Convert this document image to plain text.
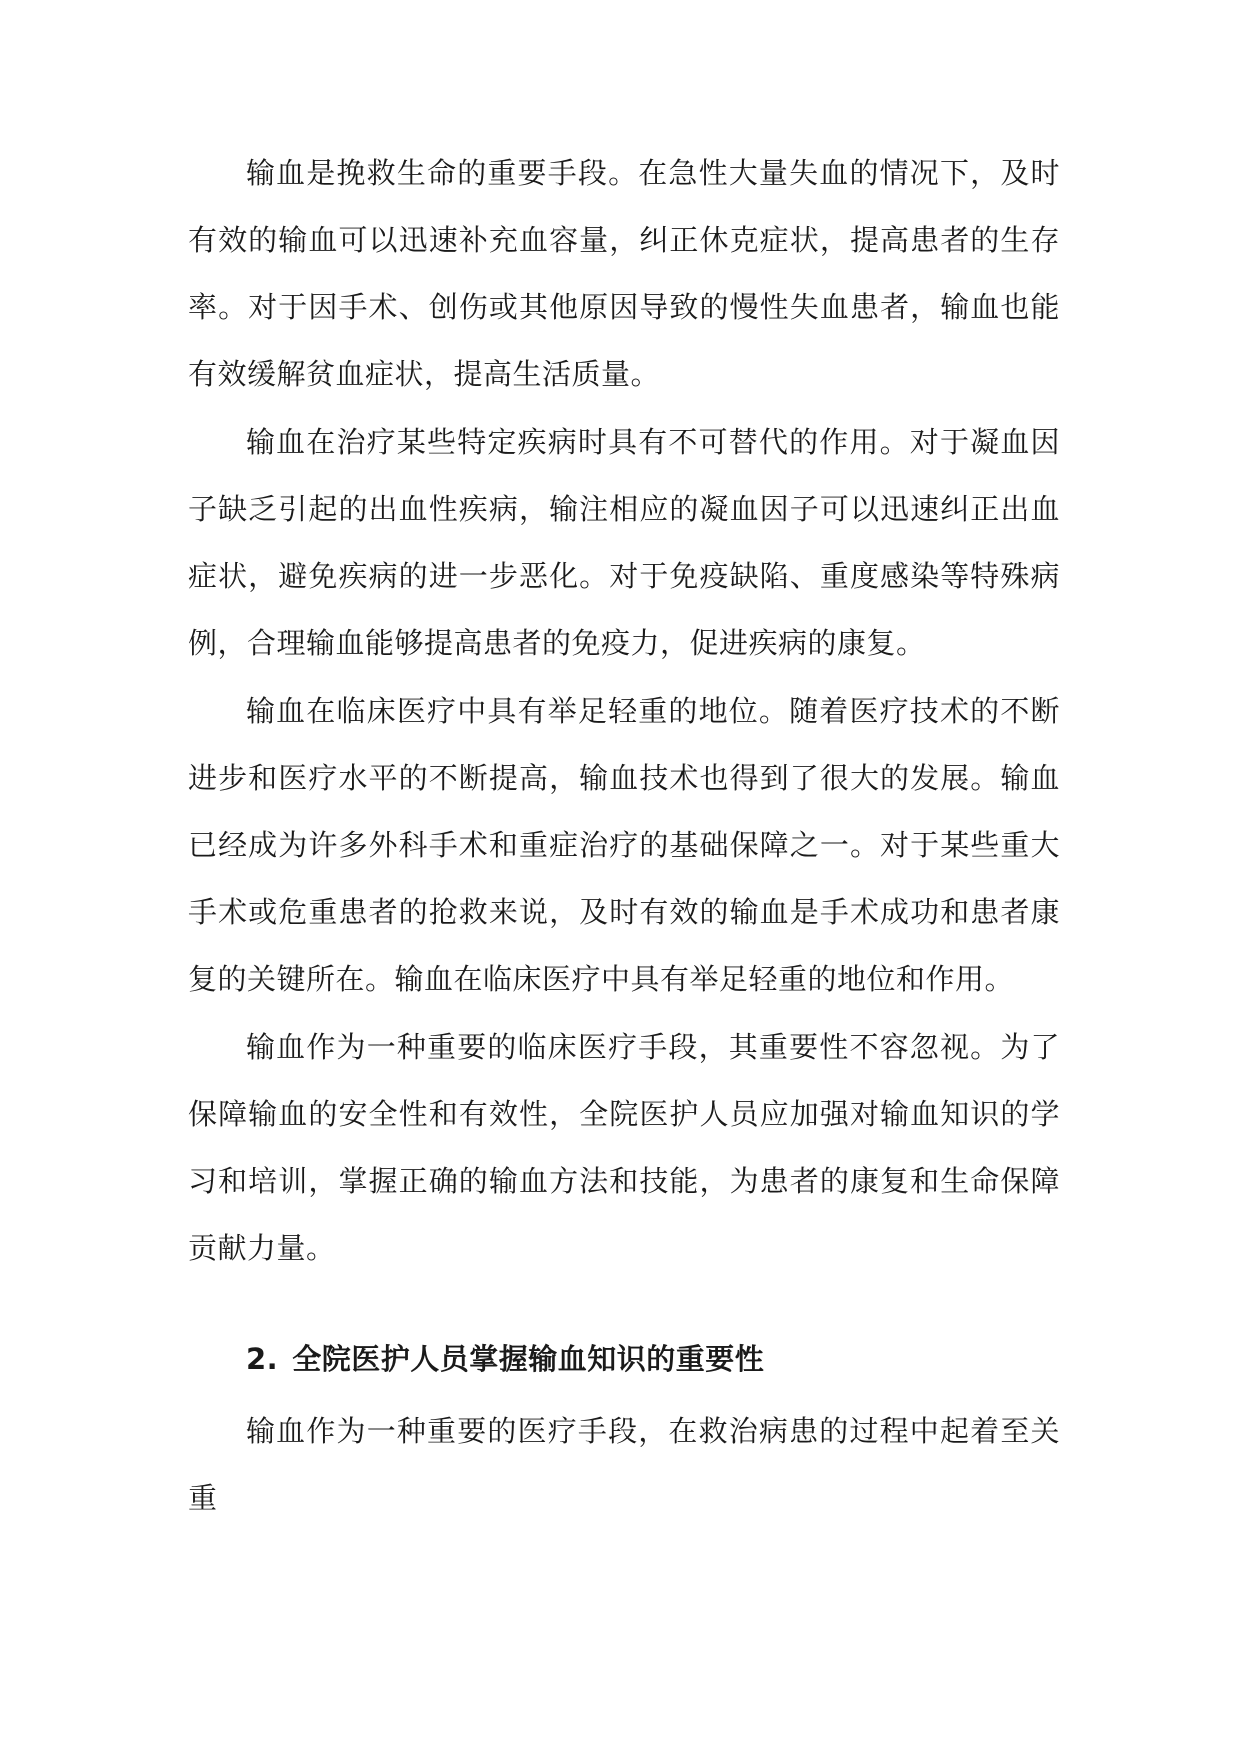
输血是挽救生命的重要手段。在急性大量失血的情况下，及时有效的输血可以迅速补充血容量，纠正休克症状，提高患者的生存率。对于因手术、创伤或其他原因导致的慢性失血患者，输血也能有效缓解贫血症状，提高生活质量。

输血在治疗某些特定疾病时具有不可替代的作用。对于凝血因子缺乏引起的出血性疾病，输注相应的凝血因子可以迅速纠正出血症状，避免疾病的进一步恶化。对于免疫缺陷、重度感染等特殊病例，合理输血能够提高患者的免疫力，促进疾病的康复。

输血在临床医疗中具有举足轻重的地位。随着医疗技术的不断进步和医疗水平的不断提高，输血技术也得到了很大的发展。输血已经成为许多外科手术和重症治疗的基础保障之一。对于某些重大手术或危重患者的抢救来说，及时有效的输血是手术成功和患者康复的关键所在。输血在临床医疗中具有举足轻重的地位和作用。

输血作为一种重要的临床医疗手段，其重要性不容忽视。为了保障输血的安全性和有效性，全院医护人员应加强对输血知识的学习和培训，掌握正确的输血方法和技能，为患者的康复和生命保障贡献力量。

2. 全院医护人员掌握输血知识的重要性

输血作为一种重要的医疗手段，在救治病患的过程中起着至关重
